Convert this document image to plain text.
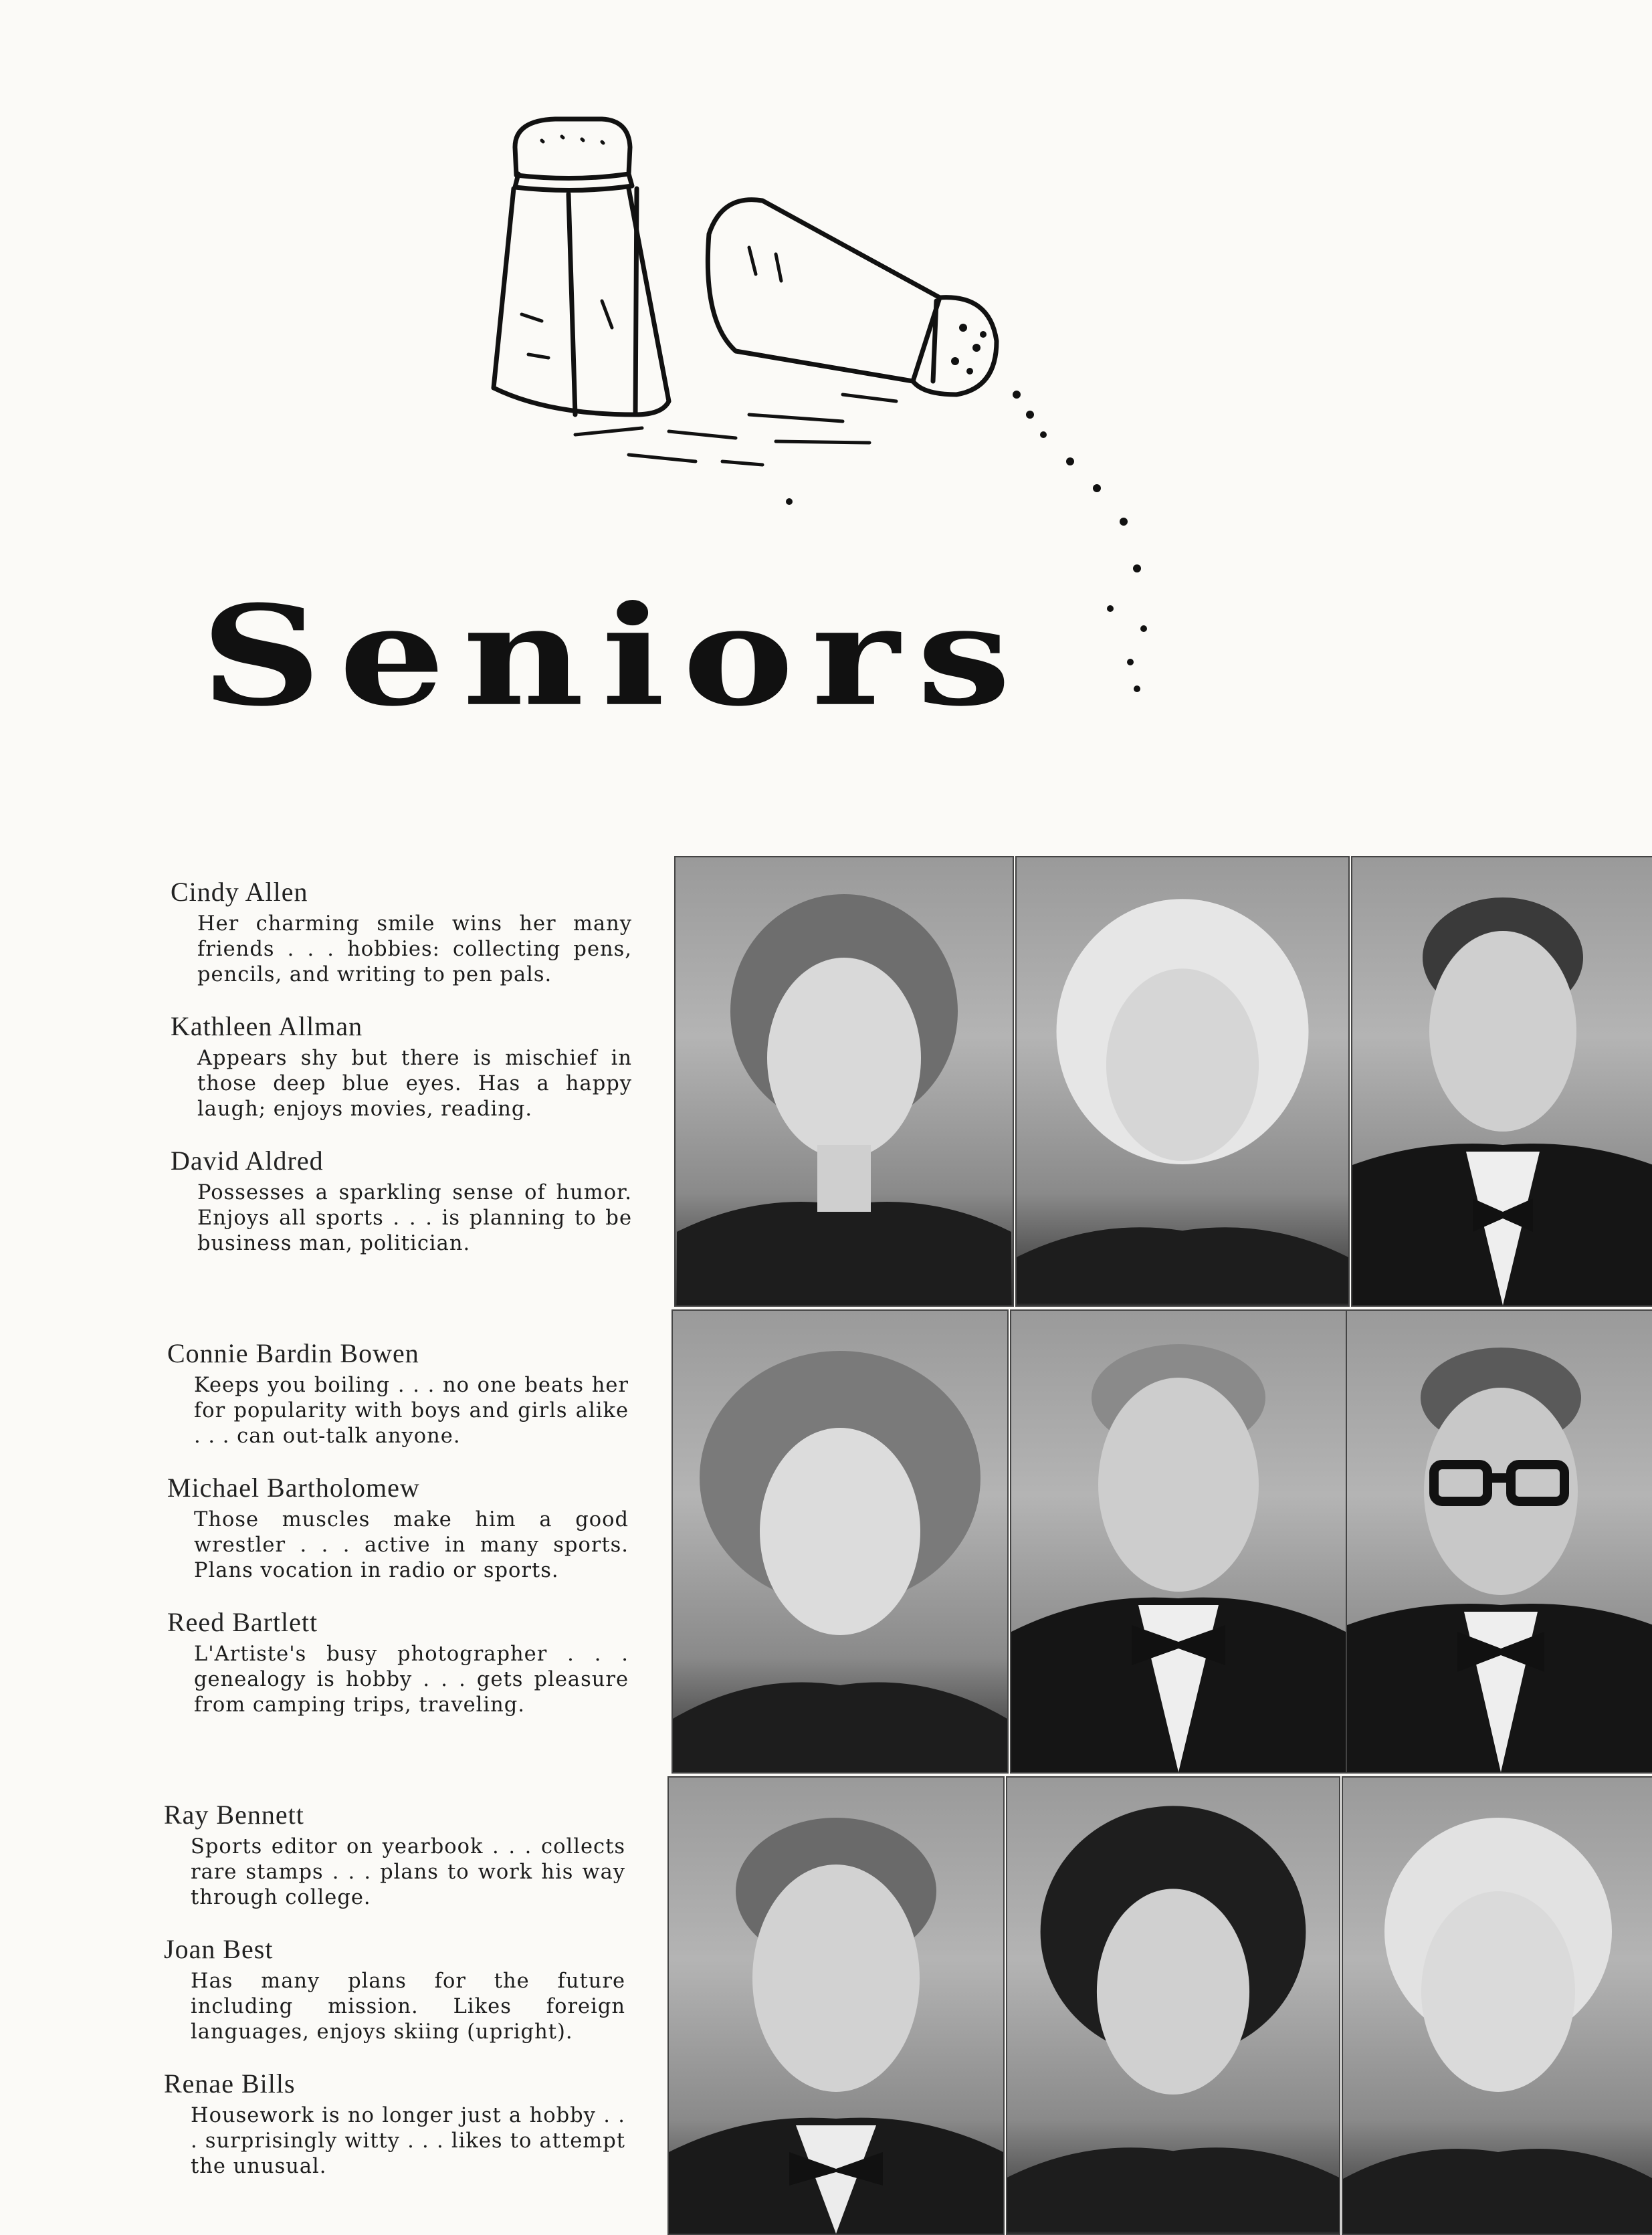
Seniors
Cindy Allen
Her charming smile wins her many friends . . . hobbies: collecting pens, pencils, and writing to pen pals.
Kathleen Allman
Appears shy but there is mischief in those deep blue eyes. Has a happy laugh; enjoys movies, reading.
David Aldred
Possesses a sparkling sense of humor. Enjoys all sports . . . is planning to be business man, politician.
Connie Bardin Bowen
Keeps you boiling . . . no one beats her for popularity with boys and girls alike . . . can out-talk anyone.
Michael Bartholomew
Those muscles make him a good wrestler . . . active in many sports. Plans vocation in radio or sports.
Reed Bartlett
L'Artiste's busy photographer . . . genealogy is hobby . . . gets pleasure from camping trips, traveling.
Ray Bennett
Sports editor on yearbook . . . collects rare stamps . . . plans to work his way through college.
Joan Best
Has many plans for the future including mission. Likes foreign languages, enjoys skiing (upright).
Renae Bills
Housework is no longer just a hobby . . . surprisingly witty . . . likes to attempt the unusual.
